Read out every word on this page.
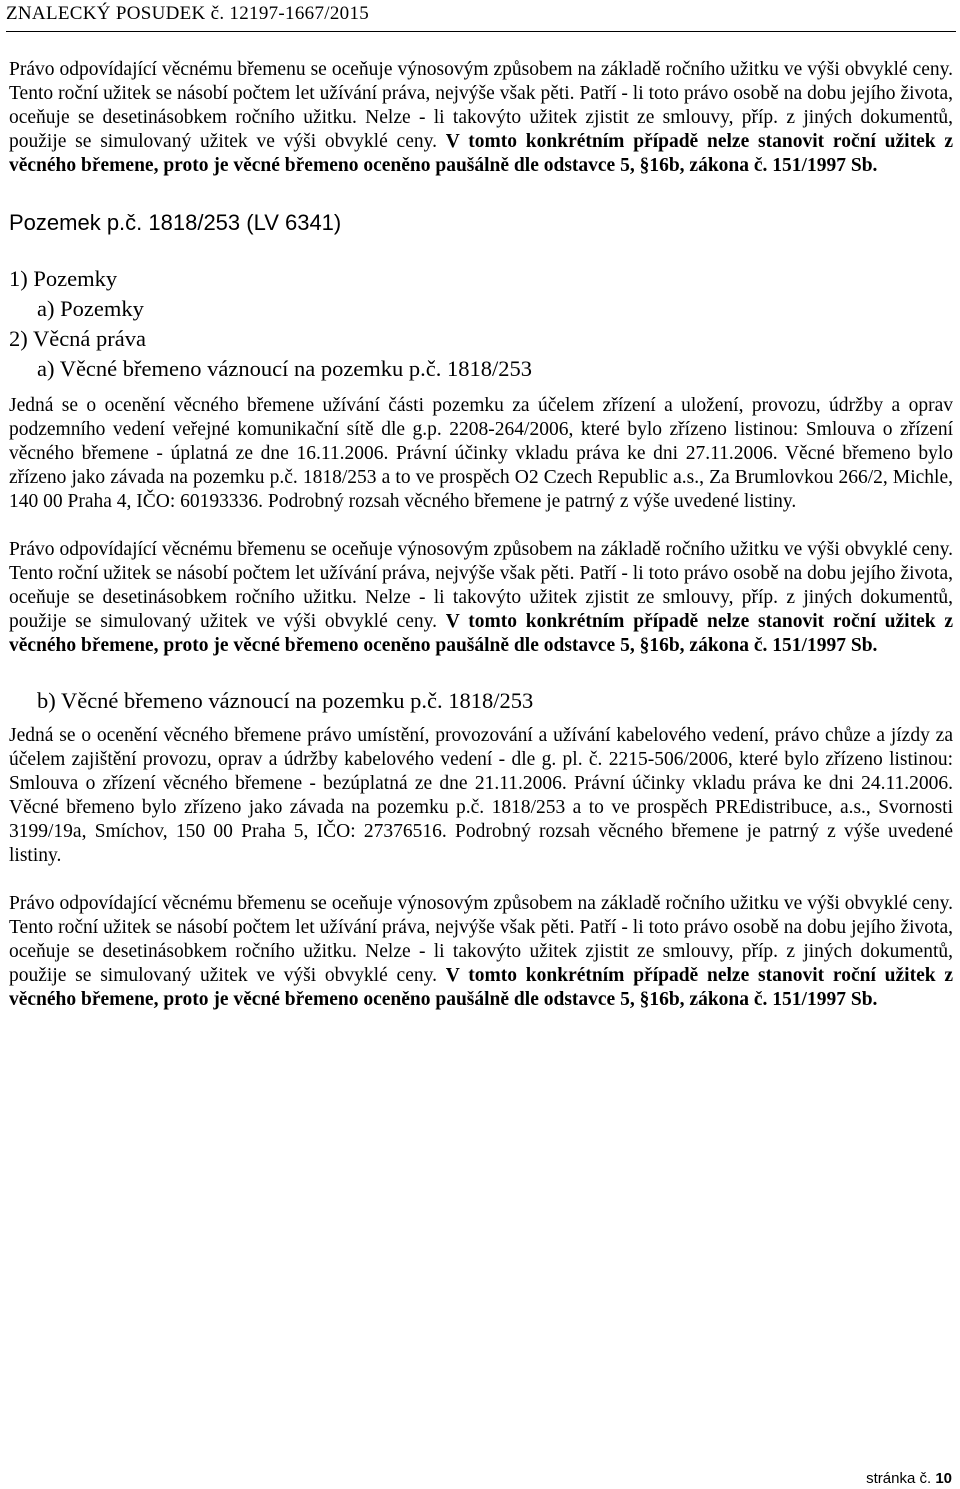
ZNALECKÝ POSUDEK č. 12197-1667/2015

Právo odpovídající věcnému břemenu se oceňuje výnosovým způsobem na základě ročního užitku ve výši obvyklé ceny. Tento roční užitek se násobí počtem let užívání práva, nejvýše však pěti. Patří - li toto právo osobě na dobu jejího života, oceňuje se desetinásobkem ročního užitku. Nelze - li takovýto užitek zjistit ze smlouvy, příp. z jiných dokumentů, použije se simulovaný užitek ve výši obvyklé ceny. V tomto konkrétním případě nelze stanovit roční užitek z věcného břemene, proto je věcné břemeno oceněno paušálně dle odstavce 5, §16b, zákona č. 151/1997 Sb.

Pozemek p.č. 1818/253 (LV 6341)
1) Pozemky
a) Pozemky
2) Věcná práva
a) Věcné břemeno váznoucí na pozemku p.č. 1818/253

Jedná se o ocenění věcného břemene užívání části pozemku za účelem zřízení a uložení, provozu, údržby a oprav podzemního vedení veřejné komunikační sítě dle g.p. 2208-264/2006, které bylo zřízeno listinou: Smlouva o zřízení věcného břemene - úplatná ze dne 16.11.2006. Právní účinky vkladu práva ke dni 27.11.2006. Věcné břemeno bylo zřízeno jako závada na pozemku p.č. 1818/253 a to ve prospěch O2 Czech Republic a.s., Za Brumlovkou 266/2, Michle, 140 00 Praha 4, IČO: 60193336. Podrobný rozsah věcného břemene je patrný z výše uvedené listiny.

Právo odpovídající věcnému břemenu se oceňuje výnosovým způsobem na základě ročního užitku ve výši obvyklé ceny. Tento roční užitek se násobí počtem let užívání práva, nejvýše však pěti. Patří - li toto právo osobě na dobu jejího života, oceňuje se desetinásobkem ročního užitku. Nelze - li takovýto užitek zjistit ze smlouvy, příp. z jiných dokumentů, použije se simulovaný užitek ve výši obvyklé ceny. V tomto konkrétním případě nelze stanovit roční užitek z věcného břemene, proto je věcné břemeno oceněno paušálně dle odstavce 5, §16b, zákona č. 151/1997 Sb.

b) Věcné břemeno váznoucí na pozemku p.č. 1818/253

Jedná se o ocenění věcného břemene právo umístění, provozování a užívání kabelového vedení, právo chůze a jízdy za účelem zajištění provozu, oprav a údržby kabelového vedení - dle g. pl. č. 2215-506/2006, které bylo zřízeno listinou: Smlouva o zřízení věcného břemene - bezúplatná ze dne 21.11.2006. Právní účinky vkladu práva ke dni 24.11.2006. Věcné břemeno bylo zřízeno jako závada na pozemku p.č. 1818/253 a to ve prospěch PREdistribuce, a.s., Svornosti 3199/19a, Smíchov, 150 00 Praha 5, IČO: 27376516. Podrobný rozsah věcného břemene je patrný z výše uvedené listiny.

Právo odpovídající věcnému břemenu se oceňuje výnosovým způsobem na základě ročního užitku ve výši obvyklé ceny. Tento roční užitek se násobí počtem let užívání práva, nejvýše však pěti. Patří - li toto právo osobě na dobu jejího života, oceňuje se desetinásobkem ročního užitku. Nelze - li takovýto užitek zjistit ze smlouvy, příp. z jiných dokumentů, použije se simulovaný užitek ve výši obvyklé ceny. V tomto konkrétním případě nelze stanovit roční užitek z věcného břemene, proto je věcné břemeno oceněno paušálně dle odstavce 5, §16b, zákona č. 151/1997 Sb.

stránka č. 10
